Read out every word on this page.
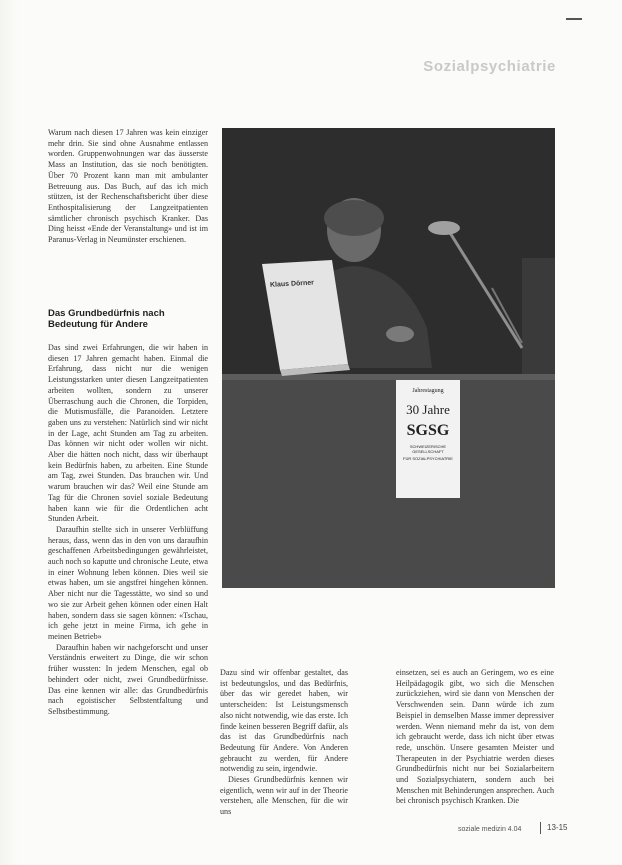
Sozialpsychiatrie

Warum nach diesen 17 Jahren was kein einziger mehr drin. Sie sind ohne Ausnahme entlassen worden. Gruppenwohnungen war das äusserste Mass an Institution, das sie noch benötigten. Über 70 Prozent kann man mit ambulanter Betreuung aus. Das Buch, auf das ich mich stützen, ist der Rechenschaftsbericht über diese Enthospitalisierung der Langzeitpatienten sämtlicher chronisch psychisch Kranker. Das Ding heisst «Ende der Veranstaltung» und ist im Paranus-Verlag in Neumünster erschienen.

Das Grundbedürfnis nach Bedeutung für Andere

Das sind zwei Erfahrungen, die wir haben in diesen 17 Jahren gemacht haben. Einmal die Erfahrung, dass nicht nur die wenigen Leistungsstarken unter diesen Langzeitpatienten arbeiten wollten, sondern zu unserer Überraschung auch die Chronen, die Torpiden, die Mutismusfälle, die Paranoiden. Letztere gaben uns zu verstehen: Natürlich sind wir nicht in der Lage, acht Stunden am Tag zu arbeiten. Das können wir nicht oder wollen wir nicht. Aber die hätten noch nicht, dass wir überhaupt kein Bedürfnis haben, zu arbeiten. Eine Stunde am Tag, zwei Stunden. Das brauchen wir. Und warum brauchen wir das? Weil eine Stunde am Tag für die Chronen soviel soziale Bedeutung haben kann wie für die Ordentlichen acht Stunden Arbeit.

Daraufhin stellte sich in unserer Verblüffung heraus, dass, wenn das in den von uns daraufhin geschaffenen Arbeitsbedingungen gewährleistet, auch noch so kaputte und chronische Leute, etwa in einer Wohnung leben können. Dies weil sie etwas haben, um sie angstfrei hingehen können. Aber nicht nur die Tagesstätte, wo sind so und wo sie zur Arbeit gehen können oder einen Halt haben, sondern dass sie sagen können: «Tschau, ich gehe jetzt in meine Firma, ich gehe in meinen Betrieb»

Daraufhin haben wir nachgeforscht und unser Verständnis erweitert zu Dinge, die wir schon früher wussten: In jedem Menschen, egal ob behindert oder nicht, zwei Grundbedürfnisse. Das eine kennen wir alle: das Grundbedürfnis nach egoistischer Selbstentfaltung und Selbstbestimmung.

Klaus Dörner
Jahrestagung
30 Jahre
SGSG
SCHWEIZERISCHE GESELLSCHAFT
FÜR SOZIALPSYCHIATRIE

Dazu sind wir offenbar gestaltet, das ist bedeutungslos, und das Bedürfnis, über das wir geredet haben, wir unterscheiden: Ist Leistungsmensch also nicht notwendig, wie das erste. Ich finde keinen besseren Begriff dafür, als das ist das Grundbedürfnis nach Bedeutung für Andere. Von Anderen gebraucht zu werden, für Andere notwendig zu sein, irgendwie.

Dieses Grundbedürfnis kennen wir eigentlich, wenn wir auf in der Theorie verstehen, alle Menschen, für die wir uns

einsetzen, sei es auch an Geringem, wo es eine Heilpädagogik gibt, wo sich die Menschen zurückziehen, wird sie dann von Menschen der Verschwenden sein. Dann würde ich zum Beispiel in demselben Masse immer depressiver werden. Wenn niemand mehr da ist, von dem ich gebraucht werde, dass ich nicht über etwas rede, unschön. Unsere gesamten Meister und Therapeuten in der Psychiatrie werden dieses Grundbedürfnis nicht nur bei Sozialarbeitern und Sozialpsychiatern, sondern auch bei Menschen mit Behinderungen ansprechen. Auch bei chronisch psychisch Kranken. Die

soziale medizin 4.04	13-15
